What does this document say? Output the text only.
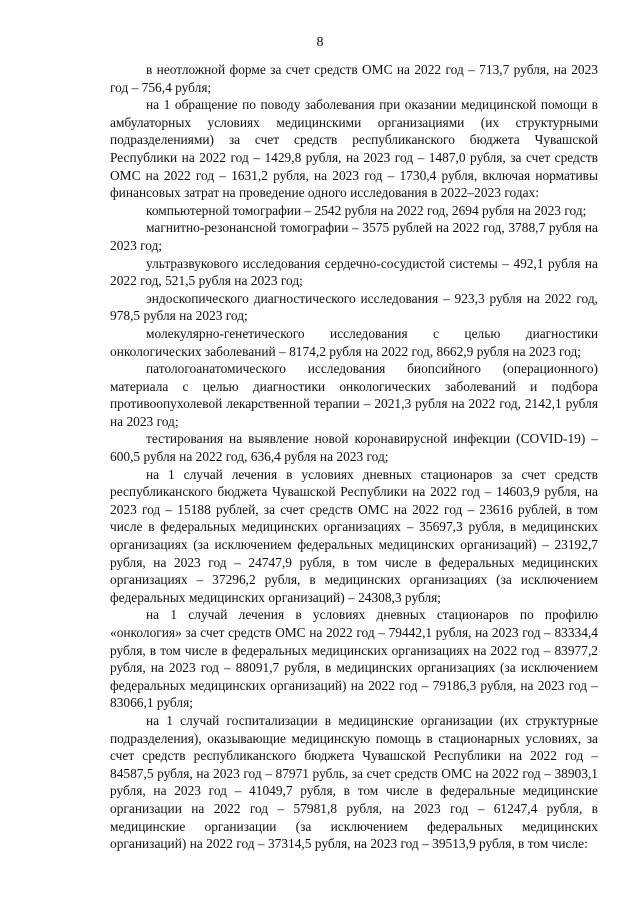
8

в неотложной форме за счет средств ОМС на 2022 год – 713,7 рубля, на 2023 год – 756,4 рубля;

на 1 обращение по поводу заболевания при оказании медицинской помощи в амбулаторных условиях медицинскими организациями (их структурными подразделениями) за счет средств республиканского бюджета Чувашской Республики на 2022 год – 1429,8 рубля, на 2023 год – 1487,0 рубля, за счет средств ОМС на 2022 год – 1631,2 рубля, на 2023 год – 1730,4 рубля, включая нормативы финансовых затрат на проведение одного исследования в 2022–2023 годах:

компьютерной томографии – 2542 рубля на 2022 год, 2694 рубля на 2023 год;

магнитно-резонансной томографии – 3575 рублей на 2022 год, 3788,7 рубля на 2023 год;

ультразвукового исследования сердечно-сосудистой системы – 492,1 рубля на 2022 год, 521,5 рубля на 2023 год;

эндоскопического диагностического исследования – 923,3 рубля на 2022 год, 978,5 рубля на 2023 год;

молекулярно-генетического исследования с целью диагностики онкологических заболеваний – 8174,2 рубля на 2022 год, 8662,9 рубля на 2023 год;

патологоанатомического исследования биопсийного (операционного) материала с целью диагностики онкологических заболеваний и подбора противоопухолевой лекарственной терапии – 2021,3 рубля на 2022 год, 2142,1 рубля на 2023 год;

тестирования на выявление новой коронавирусной инфекции (COVID-19) – 600,5 рубля на 2022 год, 636,4 рубля на 2023 год;

на 1 случай лечения в условиях дневных стационаров за счет средств республиканского бюджета Чувашской Республики на 2022 год – 14603,9 рубля, на 2023 год – 15188 рублей, за счет средств ОМС на 2022 год – 23616 рублей, в том числе в федеральных медицинских организациях – 35697,3 рубля, в медицинских организациях (за исключением федеральных медицинских организаций) – 23192,7 рубля, на 2023 год – 24747,9 рубля, в том числе в федеральных медицинских организациях – 37296,2 рубля, в медицинских организациях (за исключением федеральных медицинских организаций) – 24308,3 рубля;

на 1 случай лечения в условиях дневных стационаров по профилю «онкология» за счет средств ОМС на 2022 год – 79442,1 рубля, на 2023 год – 83334,4 рубля, в том числе в федеральных медицинских организациях на 2022 год – 83977,2 рубля, на 2023 год – 88091,7 рубля, в медицинских организациях (за исключением федеральных медицинских организаций) на 2022 год – 79186,3 рубля, на 2023 год – 83066,1 рубля;

на 1 случай госпитализации в медицинские организации (их структурные подразделения), оказывающие медицинскую помощь в стационарных условиях, за счет средств республиканского бюджета Чувашской Республики на 2022 год – 84587,5 рубля, на 2023 год – 87971 рубль, за счет средств ОМС на 2022 год – 38903,1 рубля, на 2023 год – 41049,7 рубля, в том числе в федеральные медицинские организации на 2022 год – 57981,8 рубля, на 2023 год – 61247,4 рубля, в медицинские организации (за исключением федеральных медицинских организаций) на 2022 год – 37314,5 рубля, на 2023 год – 39513,9 рубля, в том числе:
